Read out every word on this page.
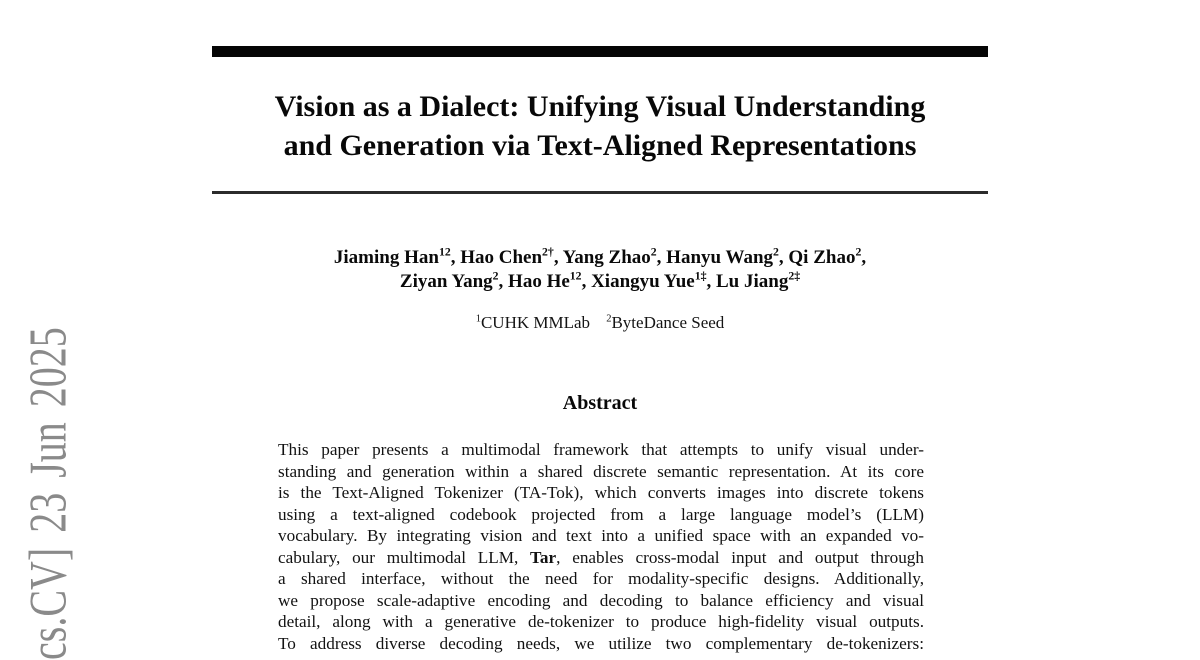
Vision as a Dialect: Unifying Visual Understanding
and Generation via Text-Aligned Representations
Jiaming Han$^{12}$, Hao Chen$^{2\dagger}$, Yang Zhao$^2$, Hanyu Wang$^2$, Qi Zhao$^2$,
Ziyan Yang$^2$, Hao He$^{12}$, Xiangyu Yue$^{1\ddagger}$, Lu Jiang$^{2\ddagger}$
$^1$CUHK MMLab $^2$ByteDance Seed
Abstract
This paper presents a multimodal framework that attempts to unify visual under-
standing and generation within a shared discrete semantic representation. At its core
is the Text-Aligned Tokenizer (TA-Tok), which converts images into discrete tokens
using a text-aligned codebook projected from a large language model’s (LLM)
vocabulary. By integrating vision and text into a unified space with an expanded vo-
cabulary, our multimodal LLM, Tar, enables cross-modal input and output through
a shared interface, without the need for modality-specific designs. Additionally,
we propose scale-adaptive encoding and decoding to balance efficiency and visual
detail, along with a generative de-tokenizer to produce high-fidelity visual outputs.
To address diverse decoding needs, we utilize two complementary de-tokenizers:
cs.CV] 23 Jun 2025
